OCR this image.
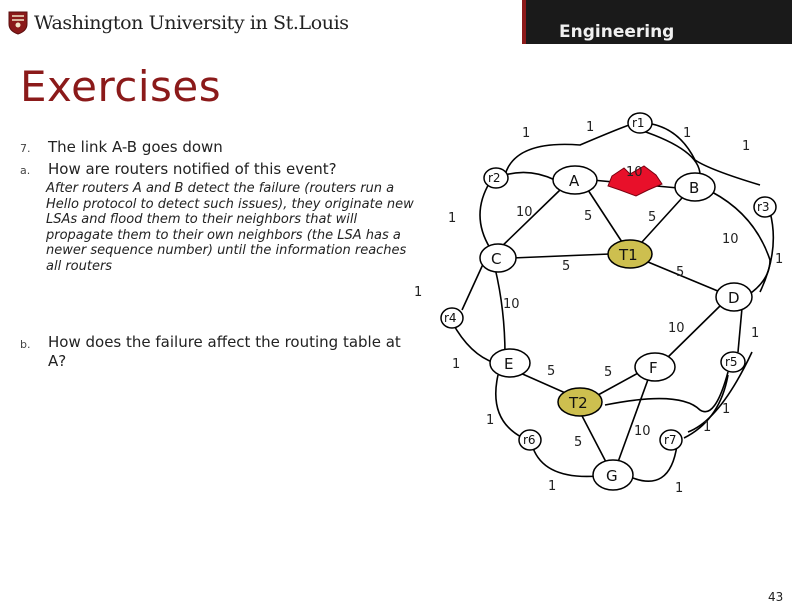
Washington University in St.Louis	Engineering
Exercises
7. The link A-B goes down
a. How are routers notified of this event?
After routers A and B detect the failure (routers run a Hello protocol to detect such issues), they originate new LSAs and flood them to their neighbors that will propagate them to their own neighbors (the LSA has a newer sequence number) until the information reaches all routers
b. How does the failure affect the routing table at A?
10
A	B
C
D
E	F
G
T1
T2
r1
r2
r3
r4
r5
r6	r7
1	1	1
1
10	5	5
1
5
10
5
1
1
10
10	1
1	5	5
1
1
5
10	1
1	1
43
